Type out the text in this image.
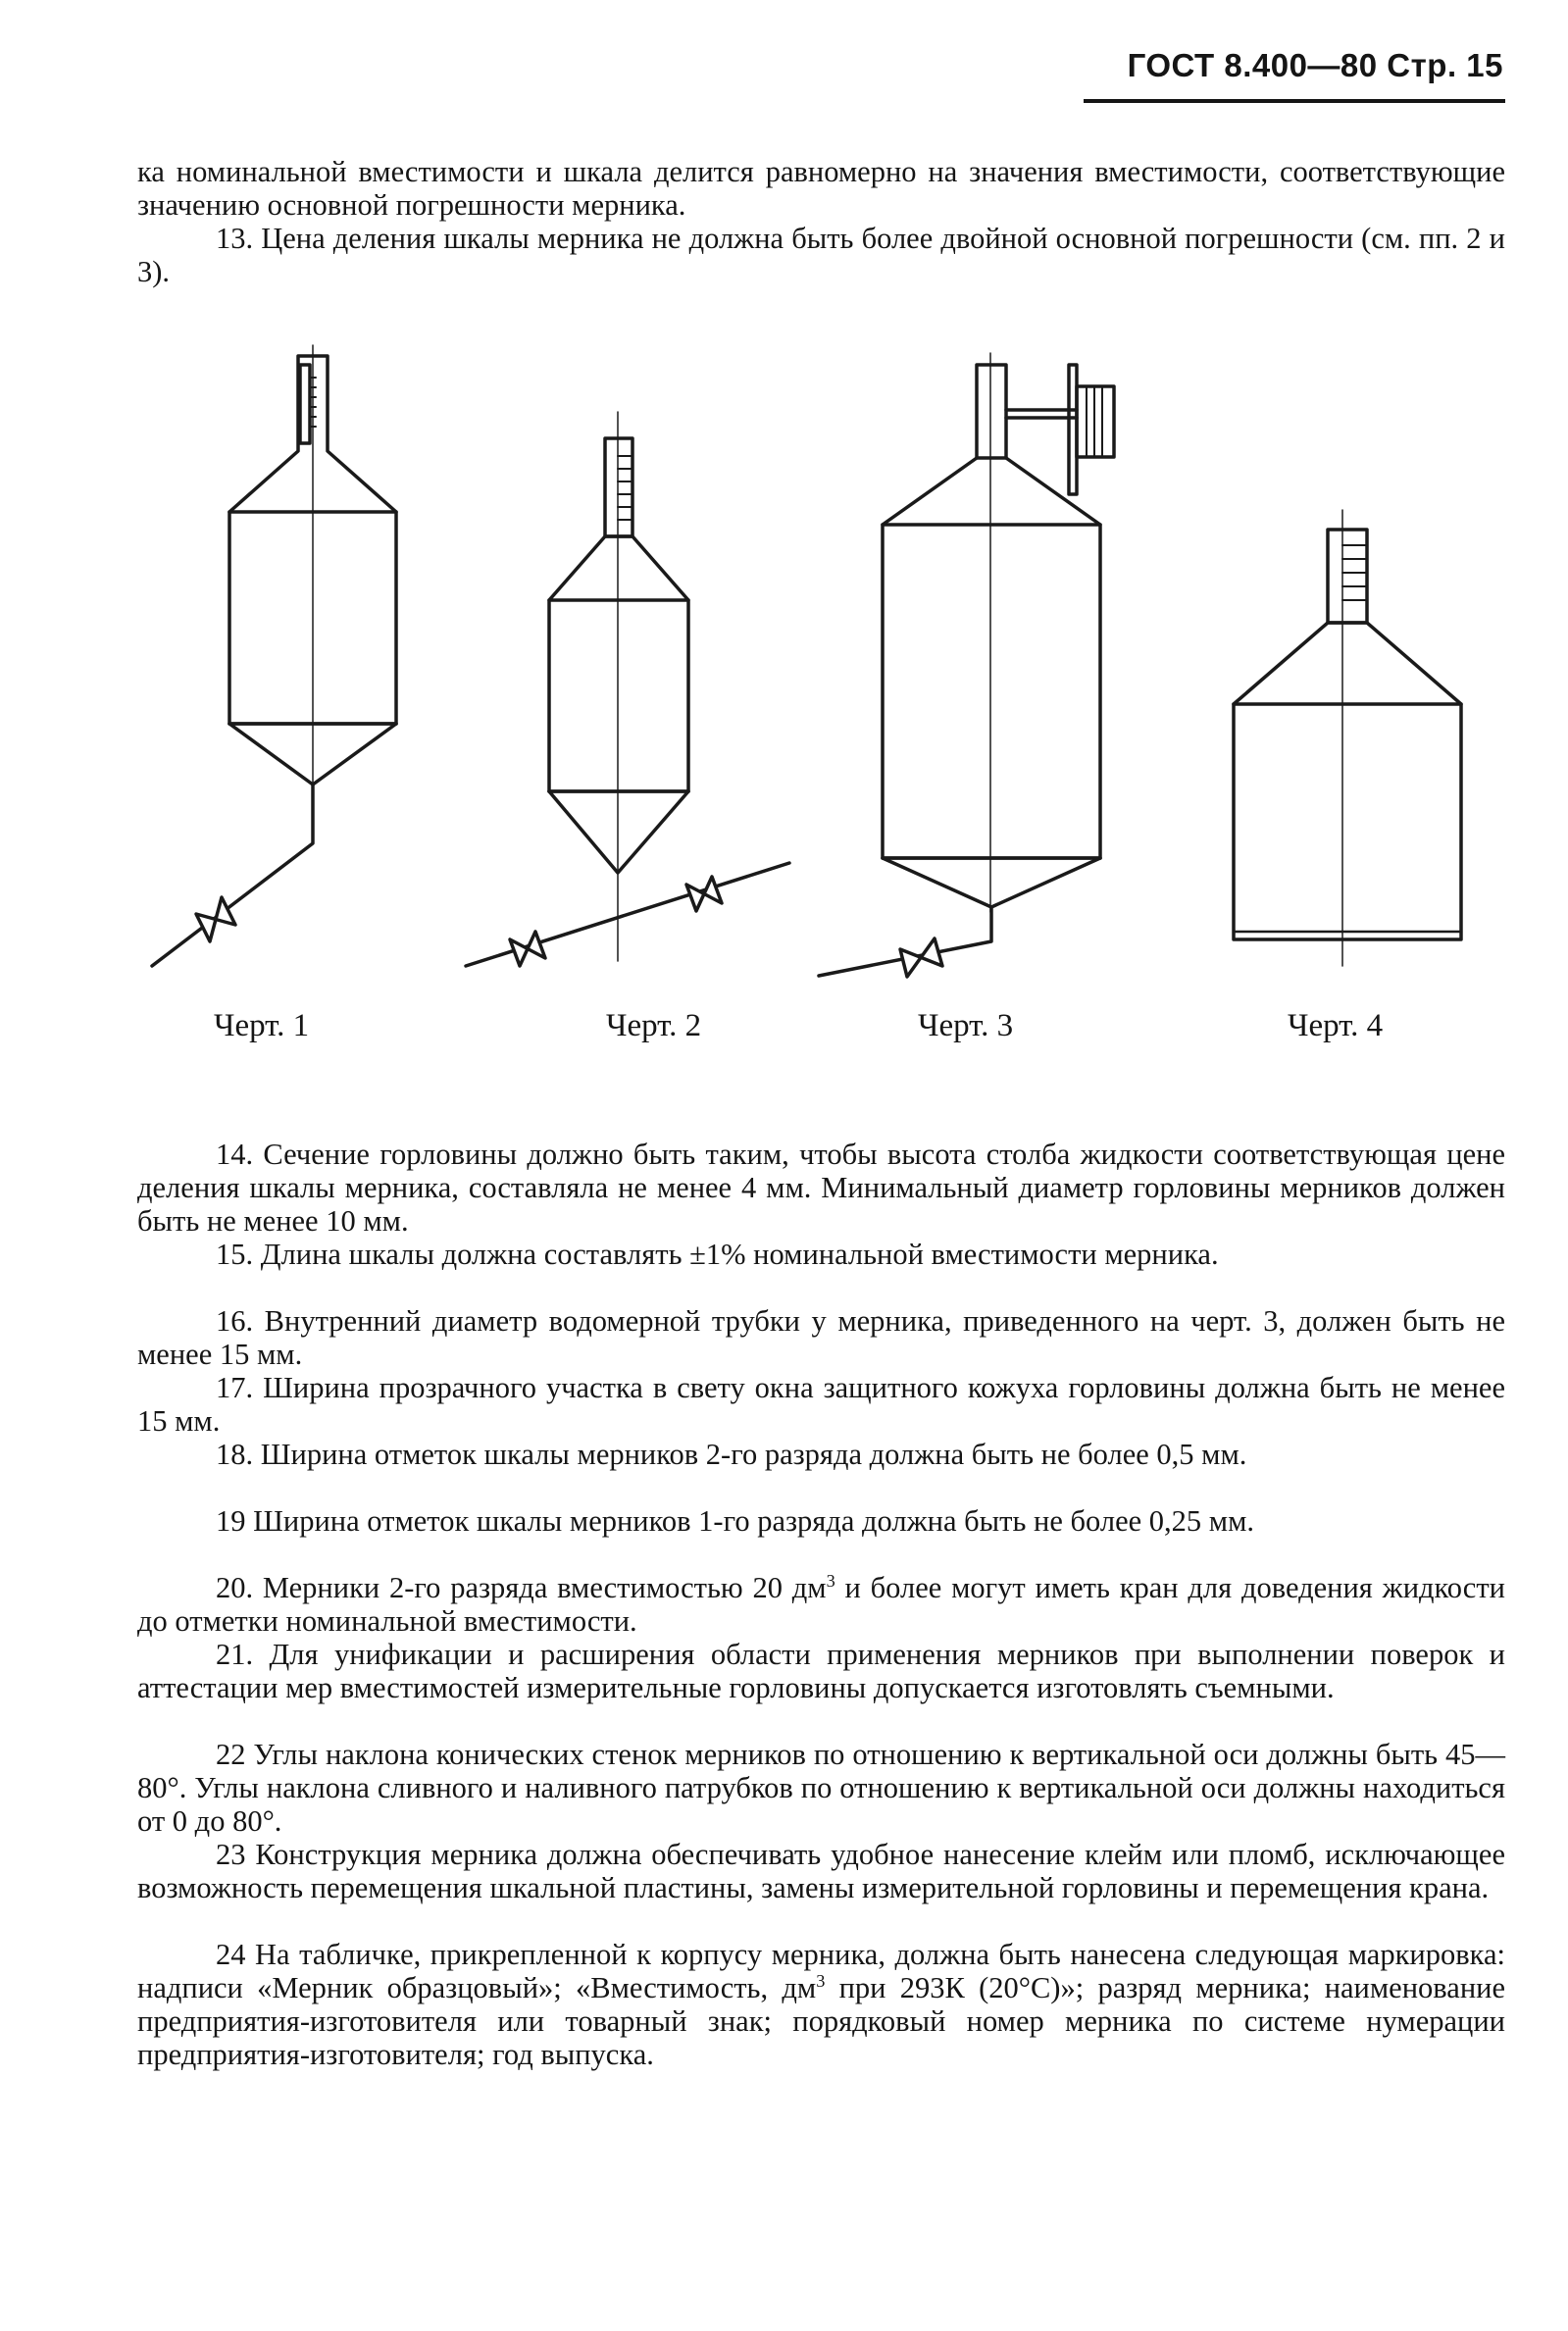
ГОСТ 8.400—80 Стр. 15
ка номинальной вместимости и шкала делится равномерно на значения вместимости, соответствующие значению основной погрешности мерника.
13. Цена деления шкалы мерника не должна быть более двойной основной погрешности (см. пп. 2 и 3).
Черт. 1	Черт. 2	Черт. 3	Черт. 4
14. Сечение горловины должно быть таким, чтобы высота столба жидкости соответствующая цене деления шкалы мерника, составляла не менее 4 мм. Минимальный диаметр горловины мерников должен быть не менее 10 мм.
15. Длина шкалы должна составлять ±1% номинальной вместимости мерника.
16. Внутренний диаметр водомерной трубки у мерника, приведенного на черт. 3, должен быть не менее 15 мм.
17. Ширина прозрачного участка в свету окна защитного кожуха горловины должна быть не менее 15 мм.
18. Ширина отметок шкалы мерников 2-го разряда должна быть не более 0,5 мм.
19 Ширина отметок шкалы мерников 1-го разряда должна быть не более 0,25 мм.
20. Мерники 2-го разряда вместимостью 20 $дм^3$ и более могут иметь кран для доведения жидкости до отметки номинальной вместимости.
21. Для унификации и расширения области применения мерников при выполнении поверок и аттестации мер вместимостей измерительные горловины допускается изготовлять съемными.
22 Углы наклона конических стенок мерников по отношению к вертикальной оси должны быть 45—80°. Углы наклона сливного и наливного патрубков по отношению к вертикальной оси должны находиться от 0 до 80°.
23 Конструкция мерника должна обеспечивать удобное нанесение клейм или пломб, исключающее возможность перемещения шкальной пластины, замены измерительной горловины и перемещения крана.
24 На табличке, прикрепленной к корпусу мерника, должна быть нанесена следующая маркировка: надписи «Мерник образцовый»; «Вместимость, $дм^3$ при 293К (20°С)»; разряд мерника; наименование предприятия-изготовителя или товарный знак; порядковый номер мерника по системе нумерации предприятия-изготовителя; год выпуска.
